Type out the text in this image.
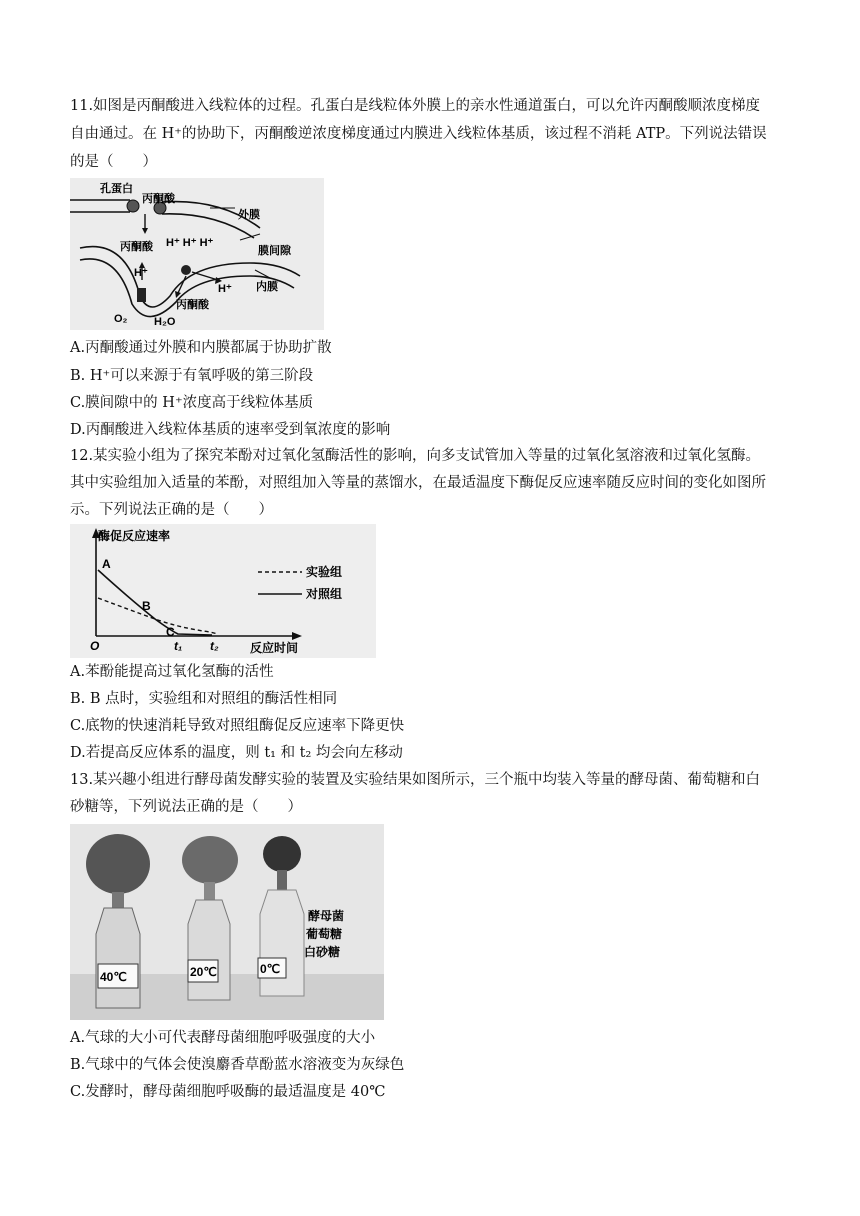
11.如图是丙酮酸进入线粒体的过程。孔蛋白是线粒体外膜上的亲水性通道蛋白，可以允许丙酮酸顺浓度梯度
自由通过。在 H⁺的协助下，丙酮酸逆浓度梯度通过内膜进入线粒体基质，该过程不消耗 ATP。下列说法错误
的是（　　）
孔蛋白
丙酮酸
外膜
丙酮酸 H⁺ H⁺ H⁺
膜间隙
H⁺
H⁺ 内膜
O₂ H₂O
丙酮酸
A.丙酮酸通过外膜和内膜都属于协助扩散
B. H⁺可以来源于有氧呼吸的第三阶段
C.膜间隙中的 H⁺浓度高于线粒体基质
D.丙酮酸进入线粒体基质的速率受到氧浓度的影响
12.某实验小组为了探究苯酚对过氧化氢酶活性的影响，向多支试管加入等量的过氧化氢溶液和过氧化氢酶。
其中实验组加入适量的苯酚，对照组加入等量的蒸馏水，在最适温度下酶促反应速率随反应时间的变化如图所
示。下列说法正确的是（　　）
酶促反应速率
反应时间
O
A
B
C
t₁ t₂
实验组
对照组
A.苯酚能提高过氧化氢酶的活性
B. B 点时，实验组和对照组的酶活性相同
C.底物的快速消耗导致对照组酶促反应速率下降更快
D.若提高反应体系的温度，则 t₁ 和 t₂ 均会向左移动
13.某兴趣小组进行酵母菌发酵实验的装置及实验结果如图所示，三个瓶中均装入等量的酵母菌、葡萄糖和白
砂糖等，下列说法正确的是（　　）
40℃	20℃	0℃
酵母菌
葡萄糖
白砂糖
A.气球的大小可代表酵母菌细胞呼吸强度的大小
B.气球中的气体会使溴麝香草酚蓝水溶液变为灰绿色
C.发酵时，酵母菌细胞呼吸酶的最适温度是 40℃
